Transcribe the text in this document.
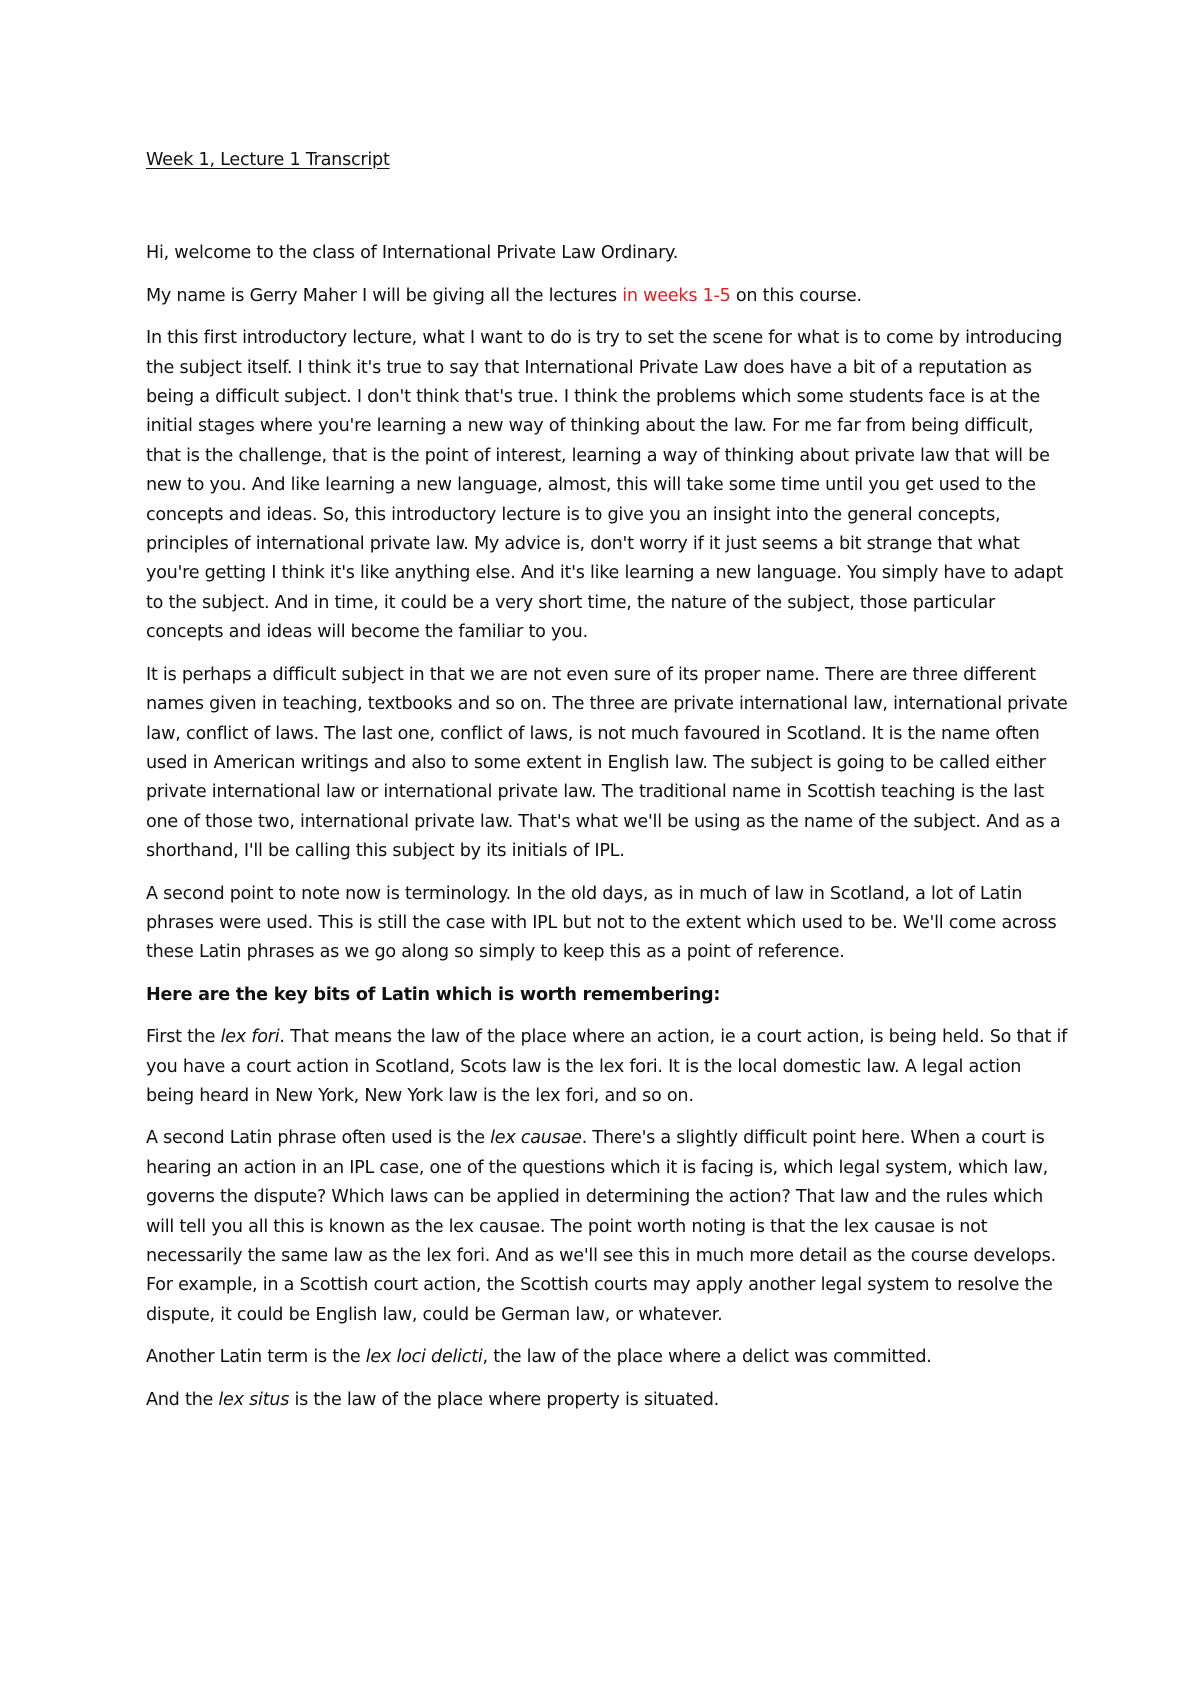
Week 1, Lecture 1 Transcript

Hi, welcome to the class of International Private Law Ordinary.

My name is Gerry Maher I will be giving all the lectures in weeks 1-5 on this course.

In this first introductory lecture, what I want to do is try to set the scene for what is to come by introducing the subject itself. I think it's true to say that International Private Law does have a bit of a reputation as being a difficult subject. I don't think that's true. I think the problems which some students face is at the initial stages where you're learning a new way of thinking about the law. For me far from being difficult, that is the challenge, that is the point of interest, learning a way of thinking about private law that will be new to you. And like learning a new language, almost, this will take some time until you get used to the concepts and ideas. So, this introductory lecture is to give you an insight into the general concepts, principles of international private law. My advice is, don't worry if it just seems a bit strange that what you're getting I think it's like anything else. And it's like learning a new language. You simply have to adapt to the subject. And in time, it could be a very short time, the nature of the subject, those particular concepts and ideas will become the familiar to you.

It is perhaps a difficult subject in that we are not even sure of its proper name. There are three different names given in teaching, textbooks and so on. The three are private international law, international private law, conflict of laws. The last one, conflict of laws, is not much favoured in Scotland. It is the name often used in American writings and also to some extent in English law. The subject is going to be called either private international law or international private law. The traditional name in Scottish teaching is the last one of those two, international private law. That's what we'll be using as the name of the subject. And as a shorthand, I'll be calling this subject by its initials of IPL.

A second point to note now is terminology. In the old days, as in much of law in Scotland, a lot of Latin phrases were used. This is still the case with IPL but not to the extent which used to be. We'll come across these Latin phrases as we go along so simply to keep this as a point of reference.

Here are the key bits of Latin which is worth remembering:

First the lex fori. That means the law of the place where an action, ie a court action, is being held. So that if you have a court action in Scotland, Scots law is the lex fori. It is the local domestic law. A legal action being heard in New York, New York law is the lex fori, and so on.

A second Latin phrase often used is the lex causae. There's a slightly difficult point here. When a court is hearing an action in an IPL case, one of the questions which it is facing is, which legal system, which law, governs the dispute? Which laws can be applied in determining the action? That law and the rules which will tell you all this is known as the lex causae. The point worth noting is that the lex causae is not necessarily the same law as the lex fori. And as we'll see this in much more detail as the course develops. For example, in a Scottish court action, the Scottish courts may apply another legal system to resolve the dispute, it could be English law, could be German law, or whatever.

Another Latin term is the lex loci delicti, the law of the place where a delict was committed.

And the lex situs is the law of the place where property is situated.
